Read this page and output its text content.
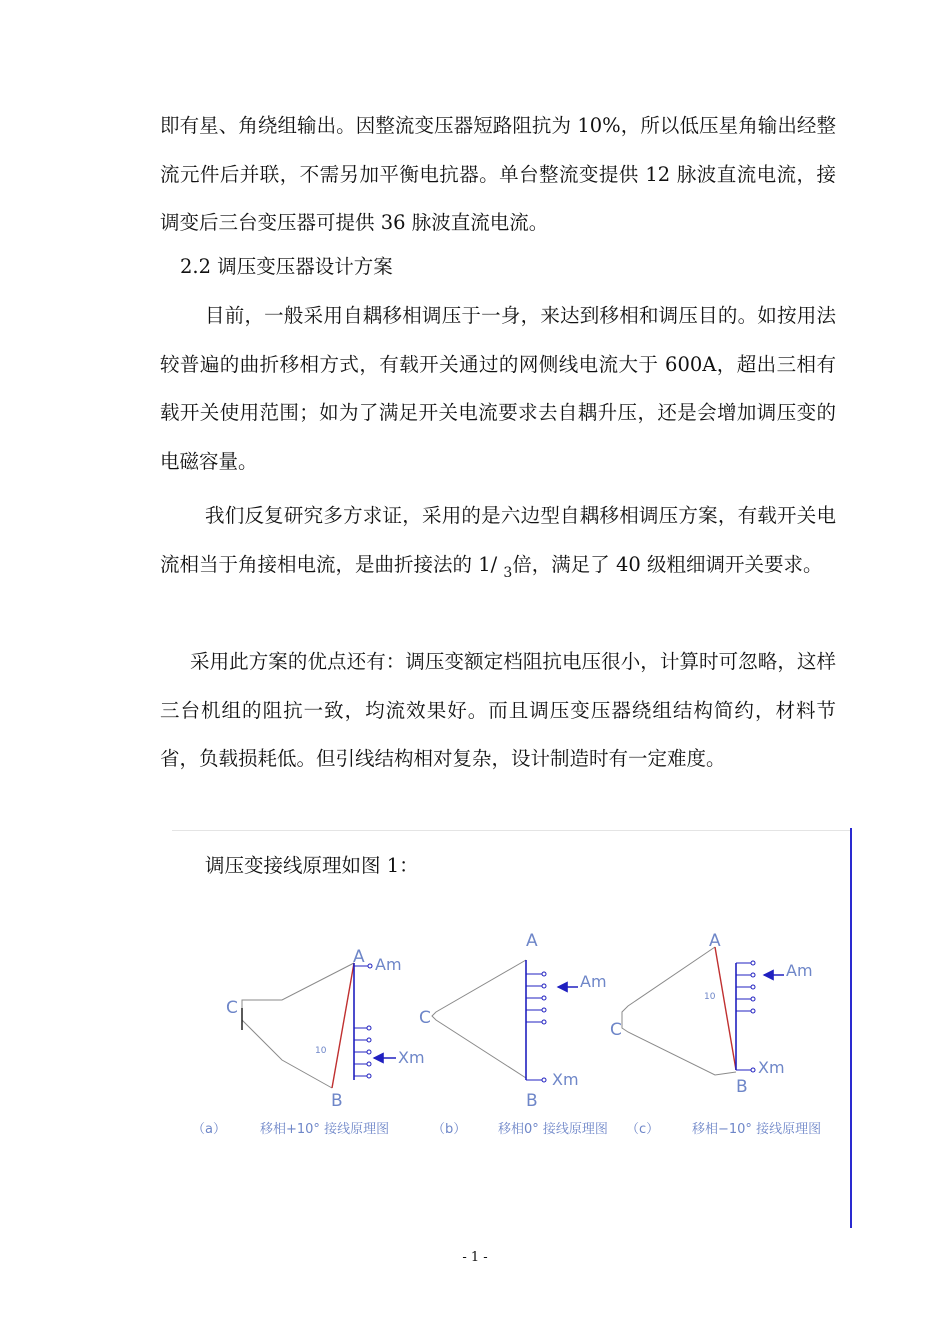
即有星、角绕组输出。因整流变压器短路阻抗为 10%，所以低压星角输出经整流元件后并联，不需另加平衡电抗器。单台整流变提供 12 脉波直流电流，接调变后三台变压器可提供 36 脉波直流电流。

2.2 调压变压器设计方案

目前，一般采用自耦移相调压于一身，来达到移相和调压目的。如按用法较普遍的曲折移相方式，有载开关通过的网侧线电流大于 600A，超出三相有载开关使用范围；如为了满足开关电流要求去自耦升压，还是会增加调压变的电磁容量。

我们反复研究多方求证，采用的是六边型自耦移相调压方案，有载开关电流相当于角接相电流，是曲折接法的 1/ $_3$倍，满足了 40 级粗细调开关要求。

采用此方案的优点还有：调压变额定档阻抗电压很小，计算时可忽略，这样三台机组的阻抗一致，均流效果好。而且调压变压器绕组结构简约，材料节省，负载损耗低。但引线结构相对复杂，设计制造时有一定难度。

调压变接线原理如图 1：
A Am
C
B
Xm
10
A
Am
C
B
Xm
A
Am
C
B
Xm
10
（a）	移相+10° 接线原理图	（b） 移相0° 接线原理图 （c）	移相−10° 接线原理图
- 1 -
